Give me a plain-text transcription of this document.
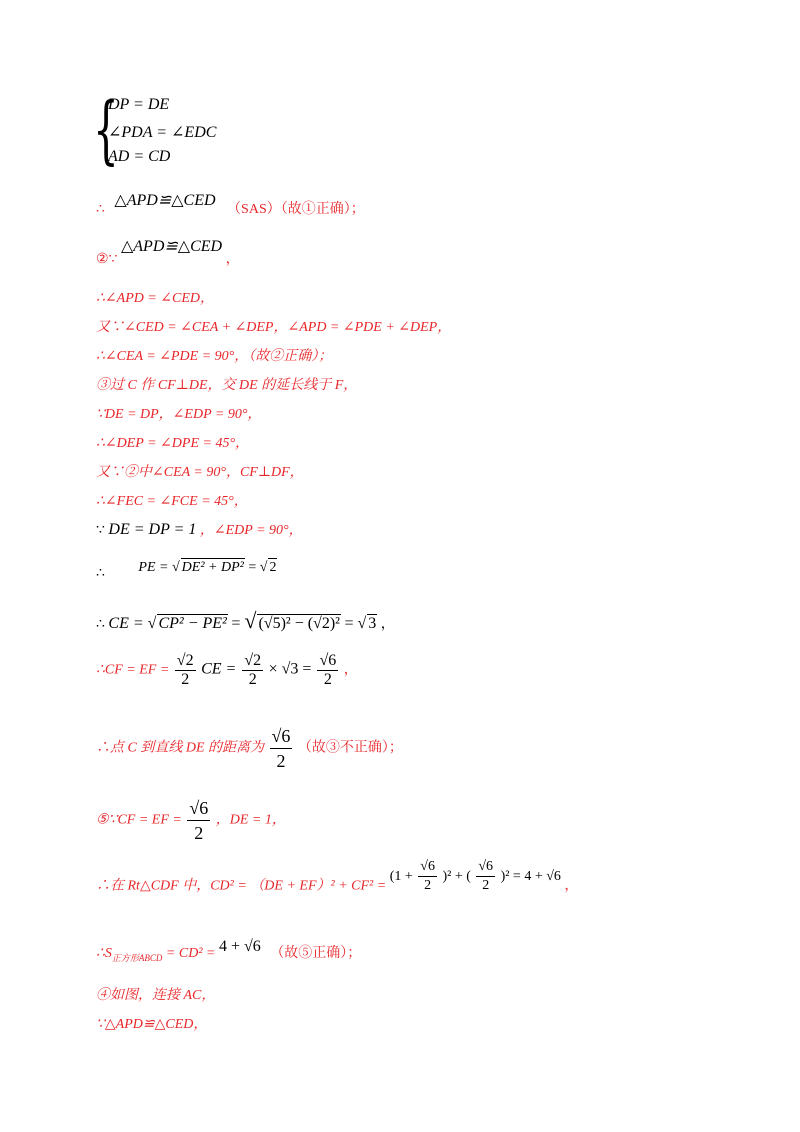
{
DP = DE
∠PDA = ∠EDC
AD = CD
∴ △APD≌△CED （SAS）（故①正确）；
②∵ △APD≌△CED ，
∴∠APD = ∠CED，
又∵∠CED = ∠CEA + ∠DEP，∠APD = ∠PDE + ∠DEP，
∴∠CEA = ∠PDE = 90°，（故②正确）；
③过 C 作 CF⊥DE，交 DE 的延长线于 F，
∵DE = DP，∠EDP = 90°，
∴∠DEP = ∠DPE = 45°，
又∵②中∠CEA = 90°，CF⊥DF，
∴∠FEC = ∠FCE = 45°，
∵ DE = DP = 1 ，∠EDP = 90°，
∴ PE = √ DE² + DP² = √ 2
∴ CE = √ CP² − PE² = √ (√5)² − (√2)² = √ 3 ，
∴CF = EF = $\frac{√2}{2}$ CE = $\frac{√2}{2} \times √3 = \frac{√6}{2}$ ，
∴点 C 到直线 DE 的距离为 $\frac{√6}{2}$ （故③不正确）；
⑤∵CF = EF = $\frac{√6}{2}$ ，DE = 1，
∴在 Rt△CDF 中，$CD^2 = (DE + EF)^2 + CF^2 = (1 + \frac{√6}{2} )^2$ + ( $\frac{√6}{2} )^2 = 4 + √6$ ，
$\therefore S_{正方形ABCD} = CD^2 = 4 + √6$ （故⑤正确）；
④如图，连接 AC，
∵△APD≌△CED，
